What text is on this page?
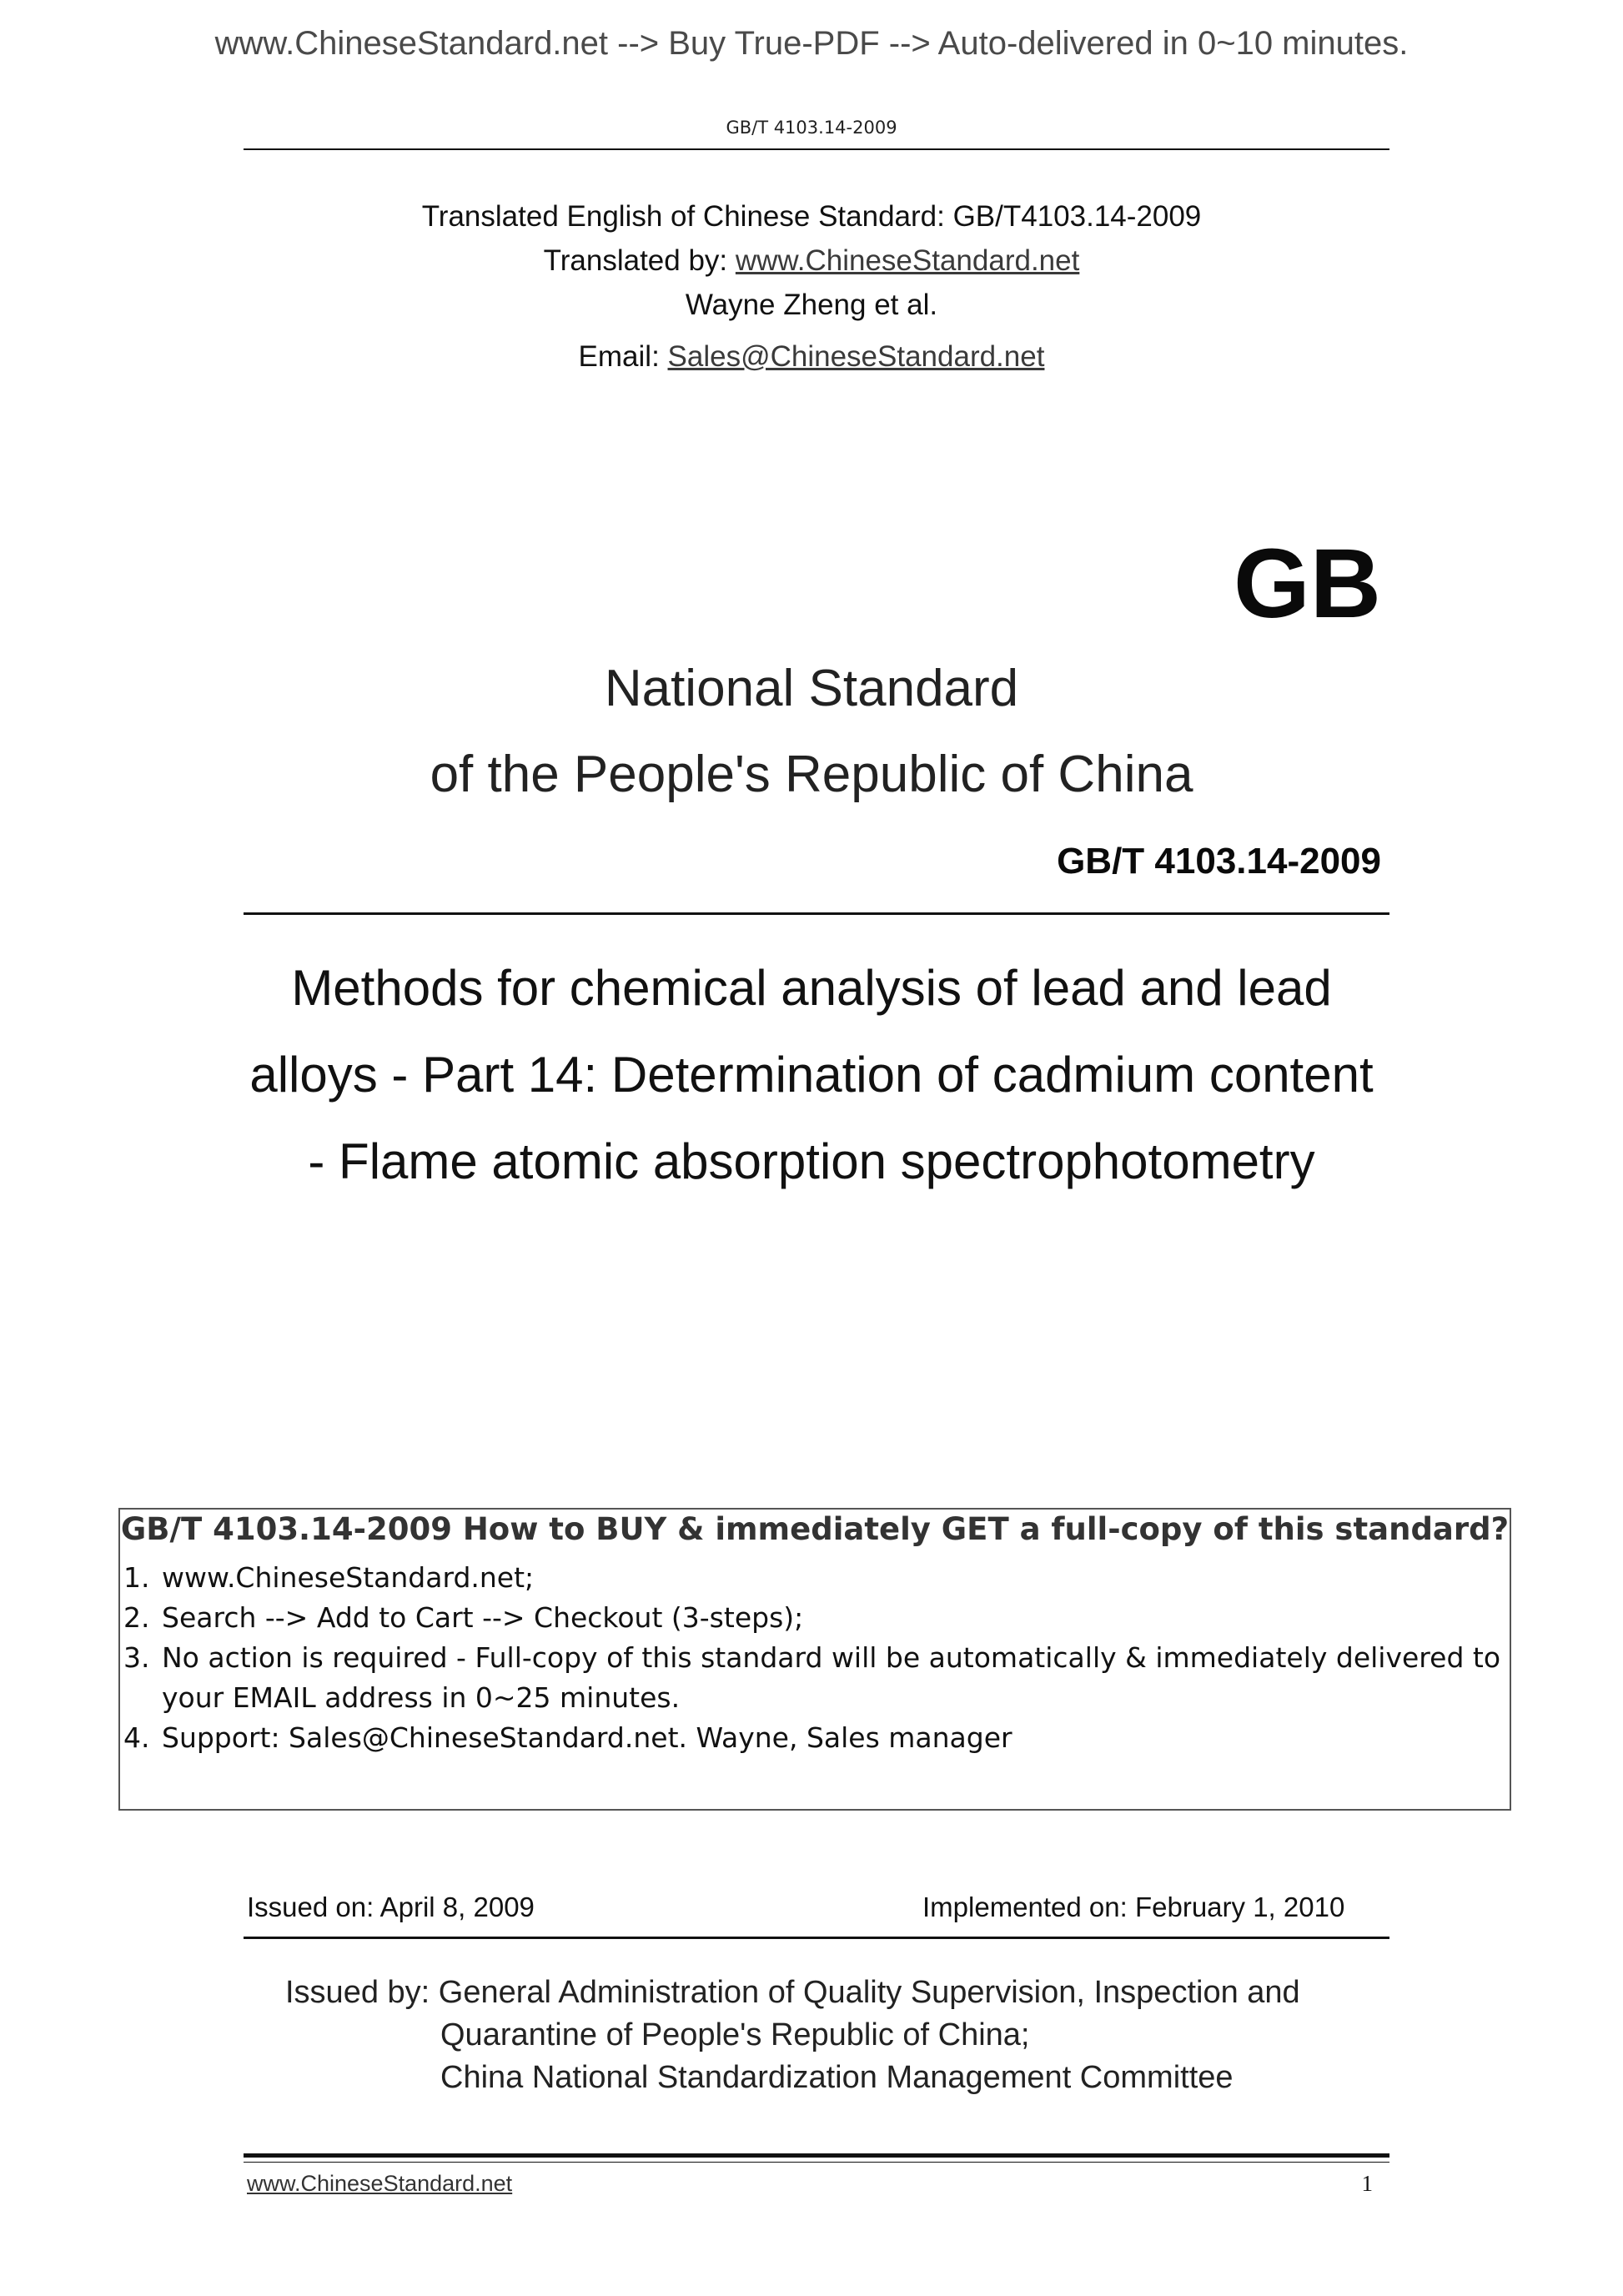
www.ChineseStandard.net --> Buy True-PDF --> Auto-delivered in 0~10 minutes.
GB/T 4103.14-2009
Translated English of Chinese Standard: GB/T4103.14-2009
Translated by: www.ChineseStandard.net
Wayne Zheng et al.
Email: Sales@ChineseStandard.net
GB
National Standard
of the People's Republic of China
GB/T 4103.14-2009
Methods for chemical analysis of lead and lead
alloys - Part 14: Determination of cadmium content
- Flame atomic absorption spectrophotometry
GB/T 4103.14-2009 How to BUY & immediately GET a full-copy of this standard?
1. www.ChineseStandard.net;
2. Search --> Add to Cart --> Checkout (3-steps);
3. No action is required - Full-copy of this standard will be automatically & immediately delivered to
your EMAIL address in 0~25 minutes.
4. Support: Sales@ChineseStandard.net. Wayne, Sales manager
Issued on: April 8, 2009	Implemented on: February 1, 2010
Issued by: General Administration of Quality Supervision, Inspection and
Quarantine of People's Republic of China;
China National Standardization Management Committee
www.ChineseStandard.net	1
